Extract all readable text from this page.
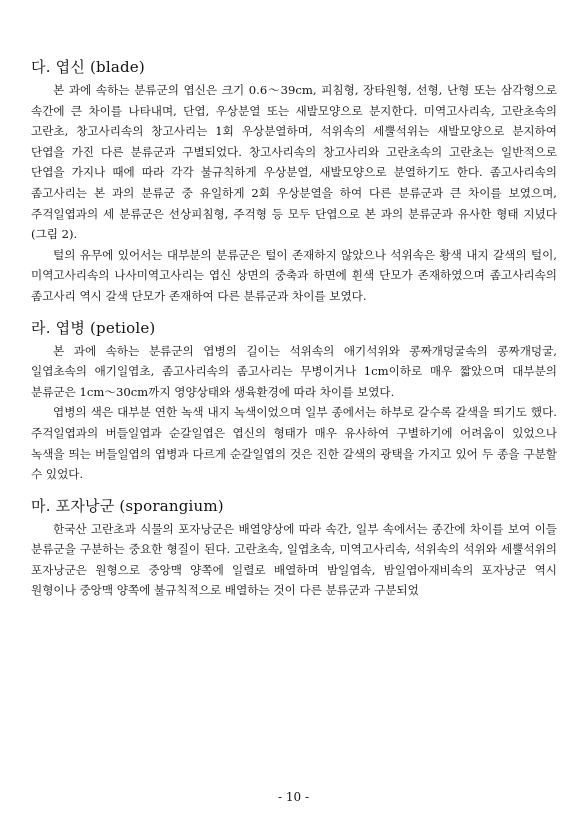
다. 엽신 (blade)

본 과에 속하는 분류군의 엽신은 크기 0.6～39cm, 피침형, 장타원형, 선형, 난형 또는 삼각형으로 속간에 큰 차이를 나타내며, 단엽, 우상분열 또는 새발모양으로 분지한다. 미역고사리속, 고란초속의 고란초, 창고사리속의 창고사리는 1회 우상분열하며, 석위속의 세뿔석위는 새발모양으로 분지하여 단엽을 가진 다른 분류군과 구별되었다. 창고사리속의 창고사리와 고란초속의 고란초는 일반적으로 단엽을 가지나 때에 따라 각각 불규칙하게 우상분열, 새발모양으로 분열하기도 한다. 좀고사리속의 좀고사리는 본 과의 분류군 중 유일하게 2회 우상분열을 하여 다른 분류군과 큰 차이를 보였으며, 주걱일엽과의 세 분류군은 선상피침형, 주걱형 등 모두 단엽으로 본 과의 분류군과 유사한 형태 지녔다(그림 2).

털의 유무에 있어서는 대부분의 분류군은 털이 존재하지 않았으나 석위속은 황색 내지 갈색의 털이, 미역고사리속의 나사미역고사리는 엽신 상면의 중축과 하면에 흰색 단모가 존재하였으며 좀고사리속의 좀고사리 역시 갈색 단모가 존재하여 다른 분류군과 차이를 보였다.

라. 엽병 (petiole)

본 과에 속하는 분류군의 엽병의 길이는 석위속의 애기석위와 콩짜개덩굴속의 콩짜개덩굴, 일엽초속의 애기일엽초, 좀고사리속의 좀고사리는 무병이거나 1cm이하로 매우 짧았으며 대부분의 분류군은 1cm～30cm까지 영양상태와 생육환경에 따라 차이를 보였다.

엽병의 색은 대부분 연한 녹색 내지 녹색이었으며 일부 종에서는 하부로 갈수록 갈색을 띄기도 했다. 주걱일엽과의 버들일엽과 순갈일엽은 엽신의 형태가 매우 유사하여 구별하기에 어려움이 있었으나 녹색을 띄는 버들일엽의 엽병과 다르게 순갈일엽의 것은 진한 갈색의 광택을 가지고 있어 두 종을 구분할 수 있었다.

마. 포자낭군 (sporangium)

한국산 고란초과 식물의 포자낭군은 배열양상에 따라 속간, 일부 속에서는 종간에 차이를 보여 이들 분류군을 구분하는 중요한 형질이 된다. 고란초속, 일엽초속, 미역고사리속, 석위속의 석위와 세뿔석위의 포자낭군은 원형으로 중앙맥 양쪽에 일렬로 배열하며 밤일엽속, 밤일엽아재비속의 포자낭군 역시 원형이나 중앙맥 양쪽에 불규칙적으로 배열하는 것이 다른 분류군과 구분되었

- 10 -
